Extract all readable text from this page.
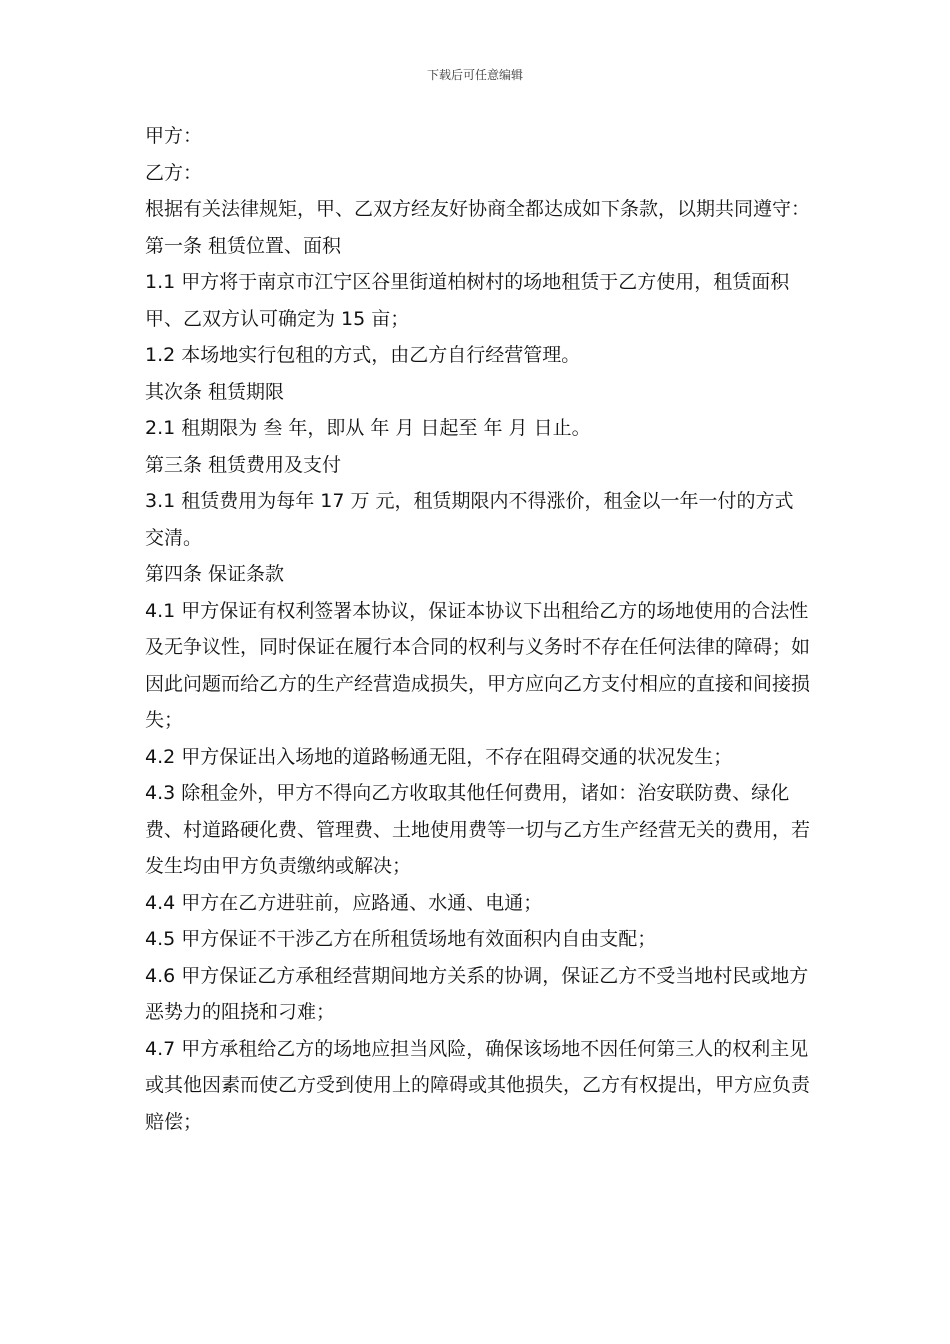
下载后可任意编辑

甲方：

乙方：

根据有关法律规矩，甲、乙双方经友好协商全都达成如下条款，以期共同遵守：

第一条 租赁位置、面积

1.1 甲方将于南京市江宁区谷里街道柏树村的场地租赁于乙方使用，租赁面积甲、乙双方认可确定为 15 亩；

1.2 本场地实行包租的方式，由乙方自行经营管理。

其次条 租赁期限

2.1 租期限为 叁 年，即从 年 月 日起至 年 月 日止。

第三条 租赁费用及支付

3.1 租赁费用为每年 17 万 元，租赁期限内不得涨价，租金以一年一付的方式交清。

第四条 保证条款

4.1 甲方保证有权利签署本协议，保证本协议下出租给乙方的场地使用的合法性及无争议性，同时保证在履行本合同的权利与义务时不存在任何法律的障碍；如因此问题而给乙方的生产经营造成损失，甲方应向乙方支付相应的直接和间接损失；

4.2 甲方保证出入场地的道路畅通无阻，不存在阻碍交通的状况发生；

4.3 除租金外，甲方不得向乙方收取其他任何费用，诸如：治安联防费、绿化费、村道路硬化费、管理费、土地使用费等一切与乙方生产经营无关的费用，若发生均由甲方负责缴纳或解决；

4.4 甲方在乙方进驻前，应路通、水通、电通；

4.5 甲方保证不干涉乙方在所租赁场地有效面积内自由支配；

4.6 甲方保证乙方承租经营期间地方关系的协调，保证乙方不受当地村民或地方恶势力的阻挠和刁难；

4.7 甲方承租给乙方的场地应担当风险，确保该场地不因任何第三人的权利主见或其他因素而使乙方受到使用上的障碍或其他损失，乙方有权提出，甲方应负责赔偿；
